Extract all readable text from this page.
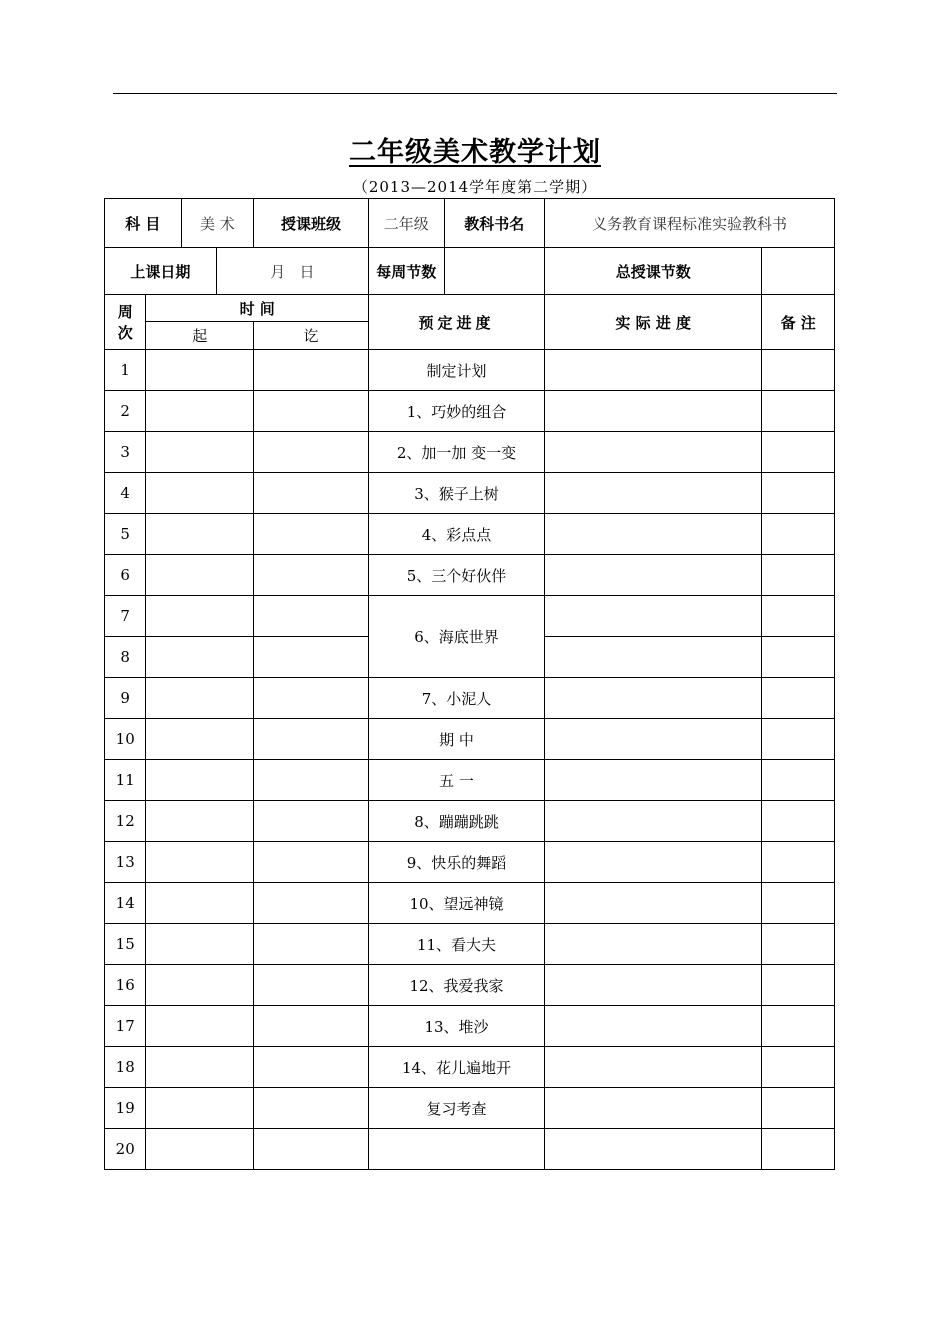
二年级美术教学计划
（2013—2014学年度第二学期）
科 目		美 术		授课班级	二年级	教科书名	义务教育课程标准实验教科书	
上课日期			月   日		每周节数		总授课节数	
周
次	时 间				预定进度		实 际 进 度	备 注
	起			讫				
1					制定计划			
2					1、巧妙的组合			
3					2、加一加 变一变			
4					3、猴子上树			
5					4、彩点点			
6					5、三个好伙伴			
7					6、海底世界			
8								
9					7、小泥人			
10					期 中			
11					五 一			
12					8、蹦蹦跳跳			
13					9、快乐的舞蹈			
14					10、望远神镜			
15					11、看大夫			
16					12、我爱我家			
17					13、堆沙			
18					14、花儿遍地开			
19					复习考查			
20								
